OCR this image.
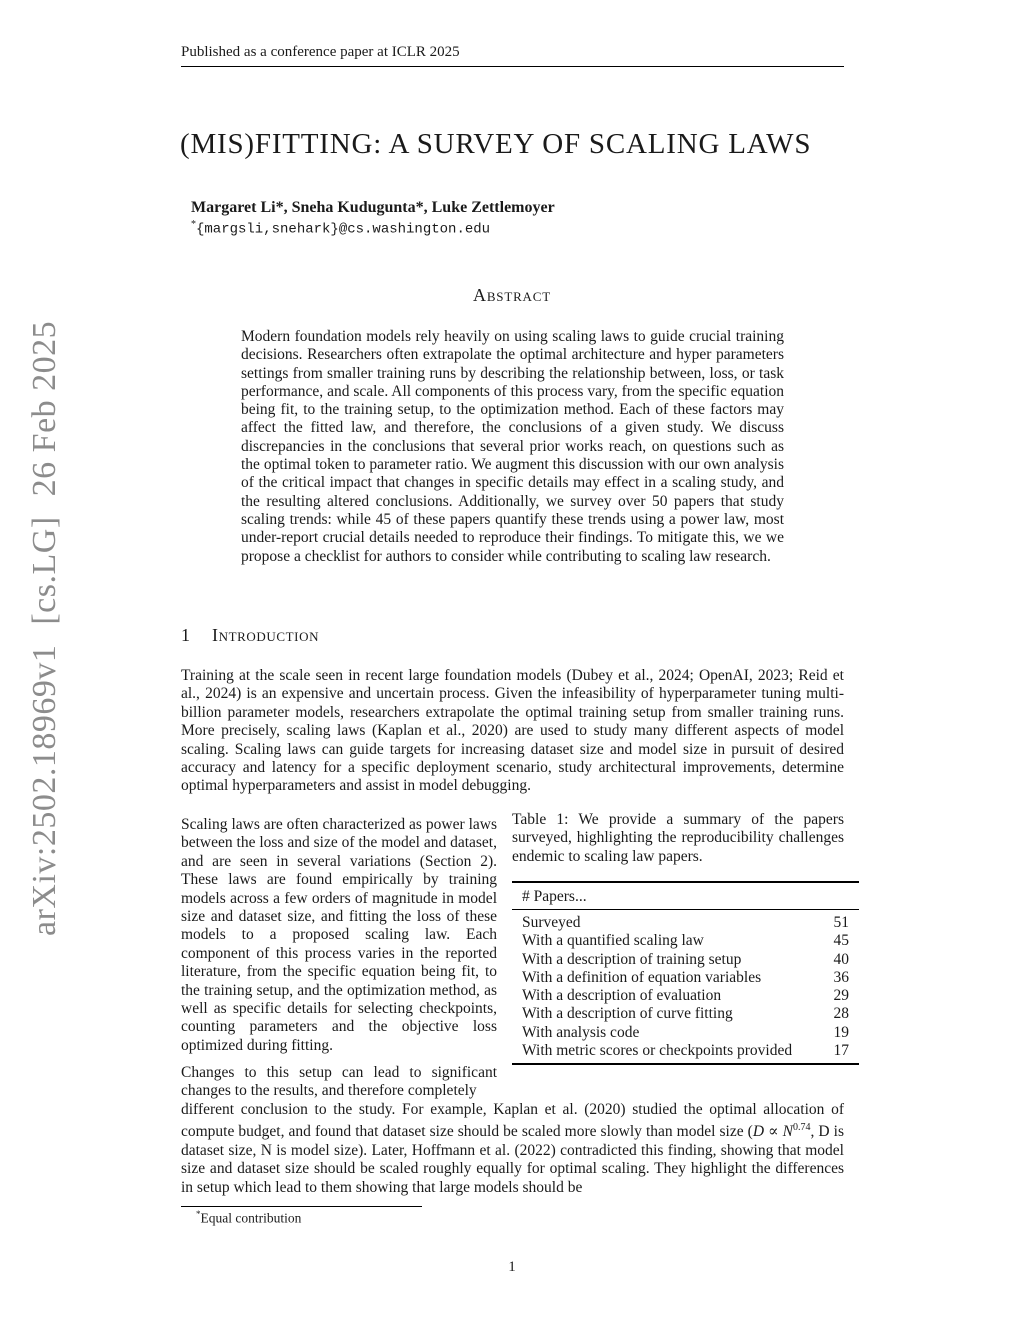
Published as a conference paper at ICLR 2025
arXiv:2502.18969v1[cs.LG]26 Feb 2025
(MIS)FITTING: A SURVEY OF SCALING LAWS
Margaret Li*, Sneha Kudugunta*, Luke Zettlemoyer
*{margsli,snehark}@cs.washington.edu
Abstract
Modern foundation models rely heavily on using scaling laws to guide crucial training decisions. Researchers often extrapolate the optimal architecture and hyper parameters settings from smaller training runs by describing the relationship between, loss, or task performance, and scale. All components of this process vary, from the specific equation being fit, to the training setup, to the optimization method. Each of these factors may affect the fitted law, and therefore, the conclusions of a given study. We discuss discrepancies in the conclusions that several prior works reach, on questions such as the optimal token to parameter ratio. We augment this discussion with our own analysis of the critical impact that changes in specific details may effect in a scaling study, and the resulting altered conclusions. Additionally, we survey over 50 papers that study scaling trends: while 45 of these papers quantify these trends using a power law, most under-report crucial details needed to reproduce their findings. To mitigate this, we we propose a checklist for authors to consider while contributing to scaling law research.
1 Introduction
Training at the scale seen in recent large foundation models (Dubey et al., 2024; OpenAI, 2023; Reid et al., 2024) is an expensive and uncertain process. Given the infeasibility of hyperparameter tuning multi-billion parameter models, researchers extrapolate the optimal training setup from smaller training runs. More precisely, scaling laws (Kaplan et al., 2020) are used to study many different aspects of model scaling. Scaling laws can guide targets for increasing dataset size and model size in pursuit of desired accuracy and latency for a specific deployment scenario, study architectural improvements, determine optimal hyperparameters and assist in model debugging.
Scaling laws are often characterized as power laws between the loss and size of the model and dataset, and are seen in several variations (Section 2). These laws are found empirically by training models across a few orders of magnitude in model size and dataset size, and fitting the loss of these models to a proposed scaling law. Each component of this process varies in the reported literature, from the specific equation being fit, to the training setup, and the optimization method, as well as specific details for selecting checkpoints, counting parameters and the objective loss optimized during fitting.
Changes to this setup can lead to significant changes to the results, and therefore completely
different conclusion to the study. For example, Kaplan et al. (2020) studied the optimal allocation of compute budget, and found that dataset size should be scaled more slowly than model size ($D \propto N^{0.74}$, D is dataset size, N is model size). Later, Hoffmann et al. (2022) contradicted this finding, showing that model size and dataset size should be scaled roughly equally for optimal scaling. They highlight the differences in setup which lead to them showing that large models should be
Table 1: We provide a summary of the papers surveyed, highlighting the reproducibility challenges endemic to scaling law papers.
# Papers...
Surveyed	51
With a quantified scaling law	45
With a description of training setup	40
With a definition of equation variables	36
With a description of evaluation	29
With a description of curve fitting	28
With analysis code	19
With metric scores or checkpoints provided	17
*Equal contribution
1
